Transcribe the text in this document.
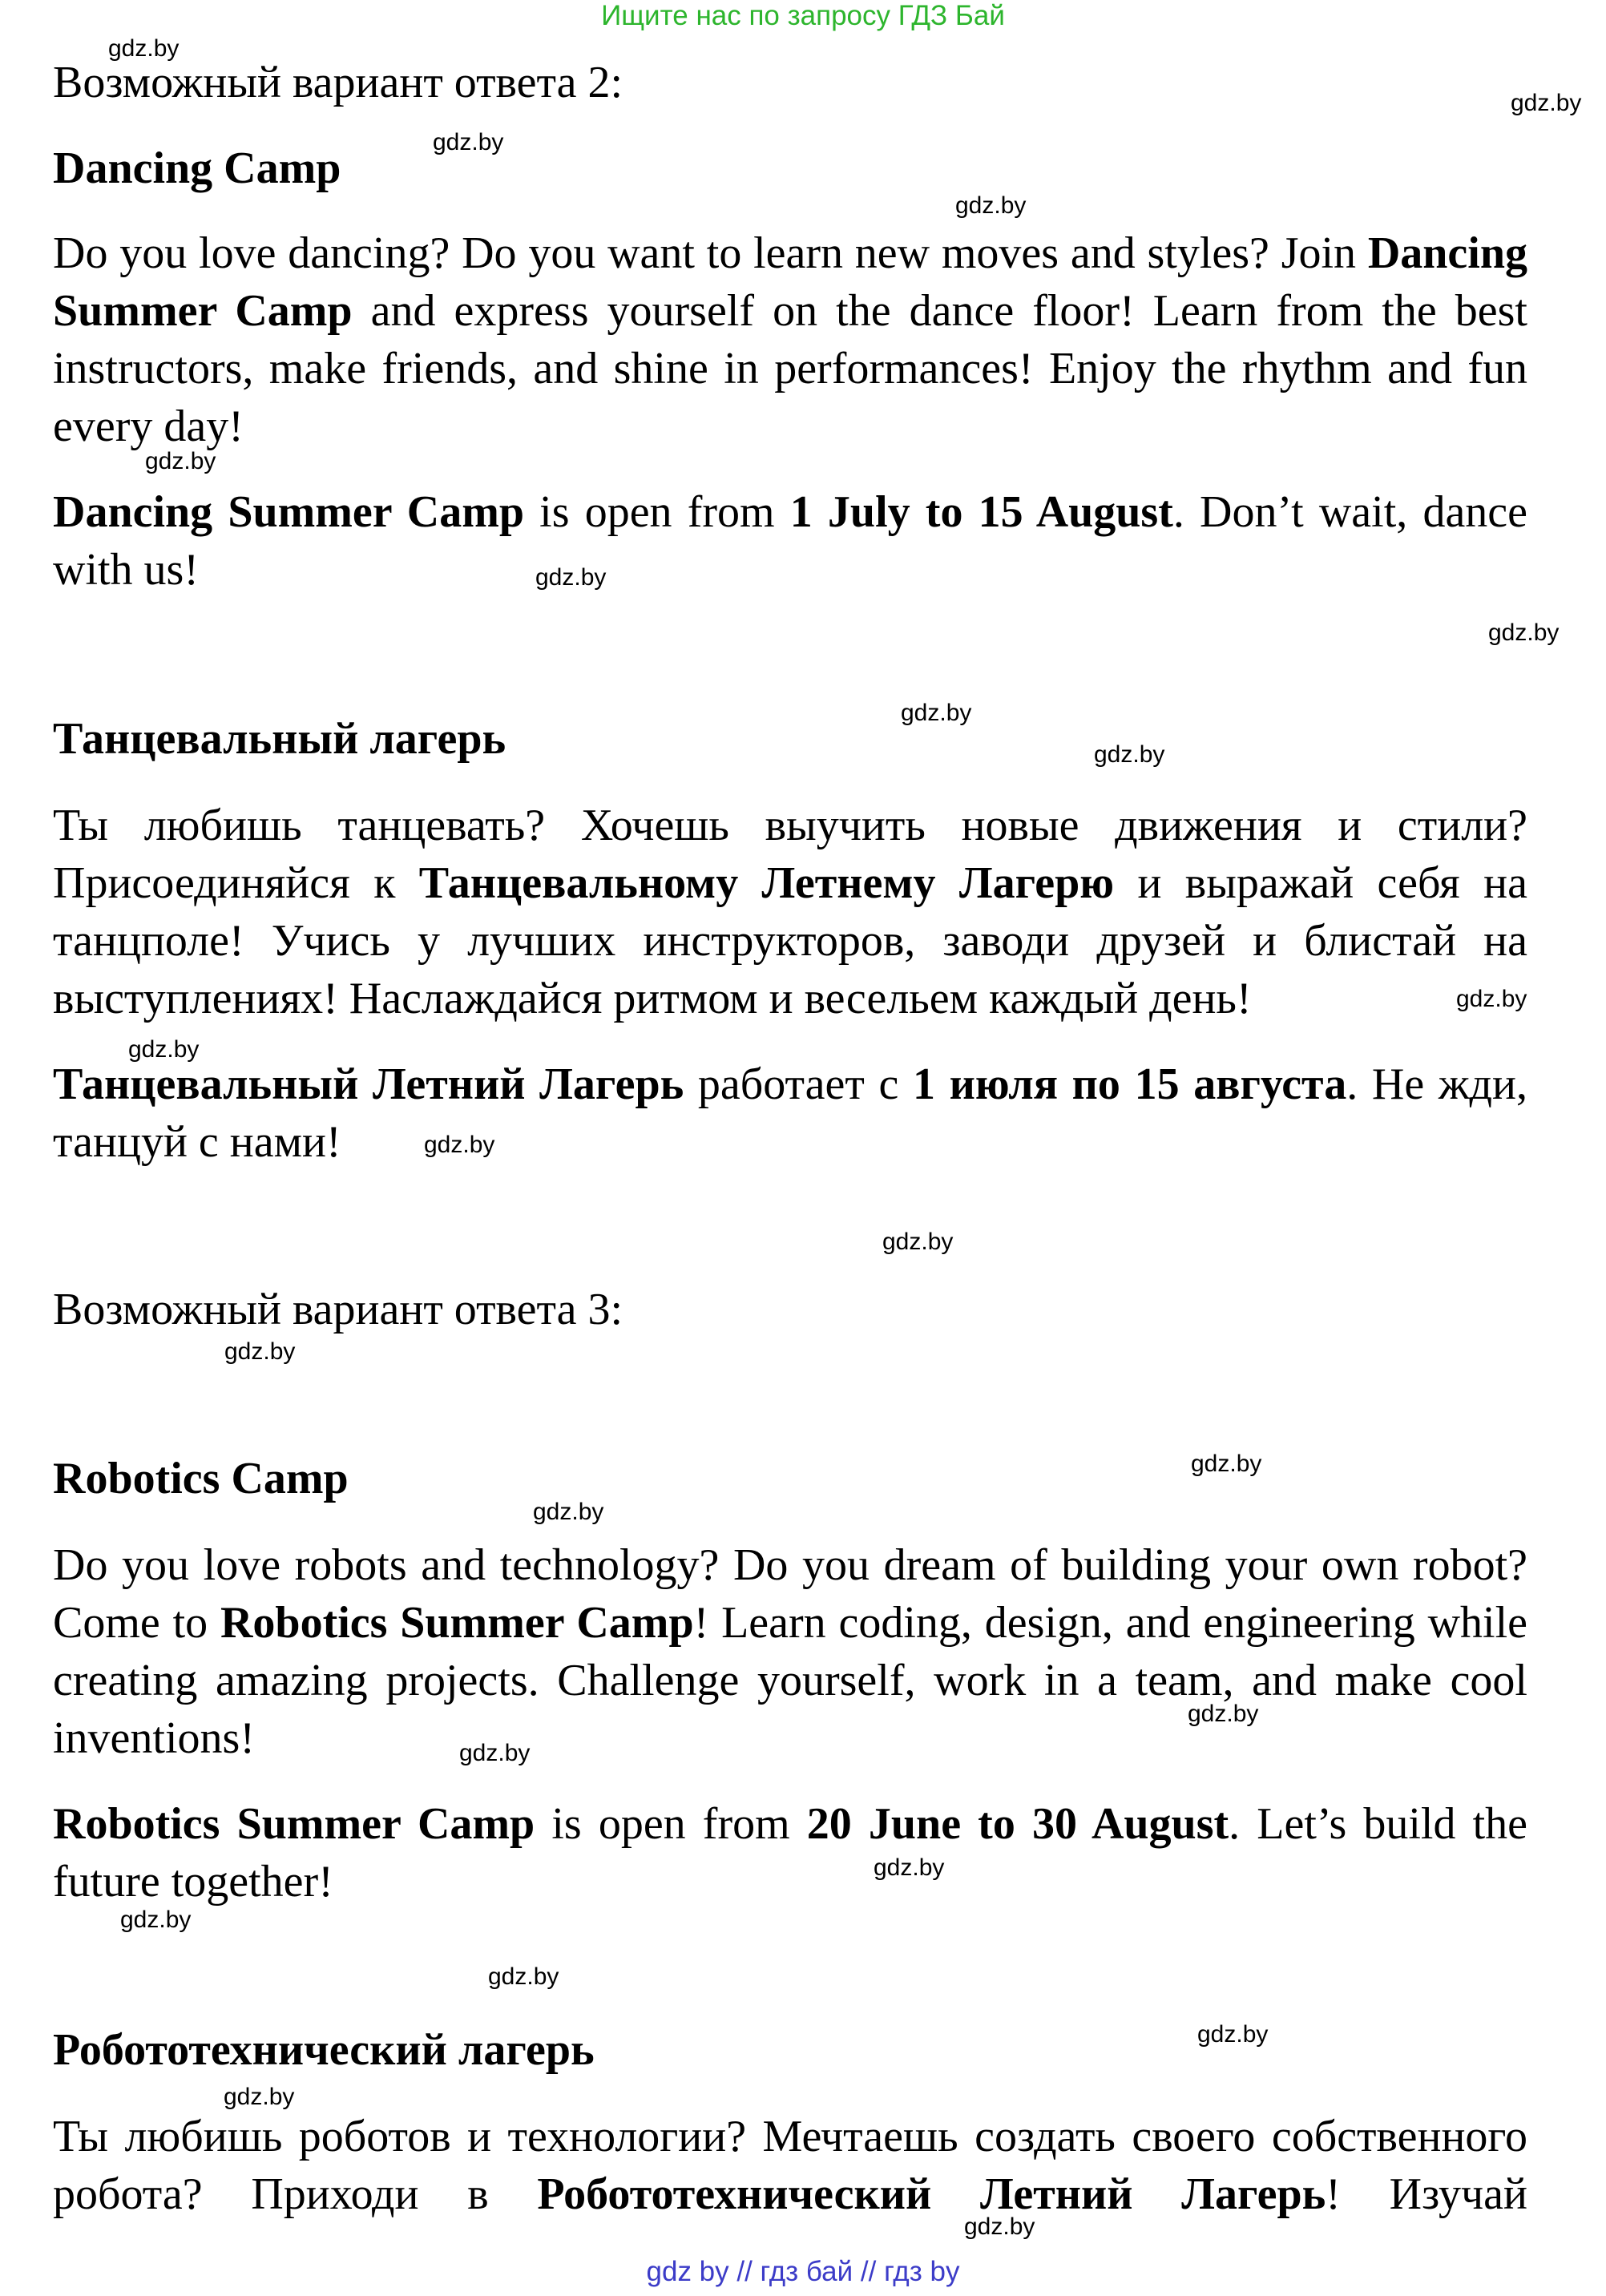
Ищите нас по запросу ГДЗ Бай
Возможный вариант ответа 2:
Dancing Camp
Do you love dancing? Do you want to learn new moves and styles? Join Dancing Summer Camp and express yourself on the dance floor! Learn from the best instructors, make friends, and shine in performances! Enjoy the rhythm and fun every day!
Dancing Summer Camp is open from 1 July to 15 August. Don’t wait, dance with us!
Танцевальный лагерь
Ты любишь танцевать? Хочешь выучить новые движения и стили? Присоединяйся к Танцевальному Летнему Лагерю и выражай себя на танцполе! Учись у лучших инструкторов, заводи друзей и блистай на выступлениях! Наслаждайся ритмом и весельем каждый день!
Танцевальный Летний Лагерь работает с 1 июля по 15 августа. Не жди, танцуй с нами!
Возможный вариант ответа 3:
Robotics Camp
Do you love robots and technology? Do you dream of building your own robot? Come to Robotics Summer Camp! Learn coding, design, and engineering while creating amazing projects. Challenge yourself, work in a team, and make cool inventions!
Robotics Summer Camp is open from 20 June to 30 August. Let’s build the future together!
Робототехнический лагерь
Ты любишь роботов и технологии? Мечтаешь создать своего собственного робота? Приходи в Робототехнический Летний Лагерь! Изучай
gdz by // гдз бай // гдз by
gdz.by
gdz.by
gdz.by
gdz.by
gdz.by
gdz.by
gdz.by
gdz.by
gdz.by
gdz.by
gdz.by
gdz.by
gdz.by
gdz.by
gdz.by
gdz.by
gdz.by
gdz.by
gdz.by
gdz.by
gdz.by
gdz.by
gdz.by
gdz.by
